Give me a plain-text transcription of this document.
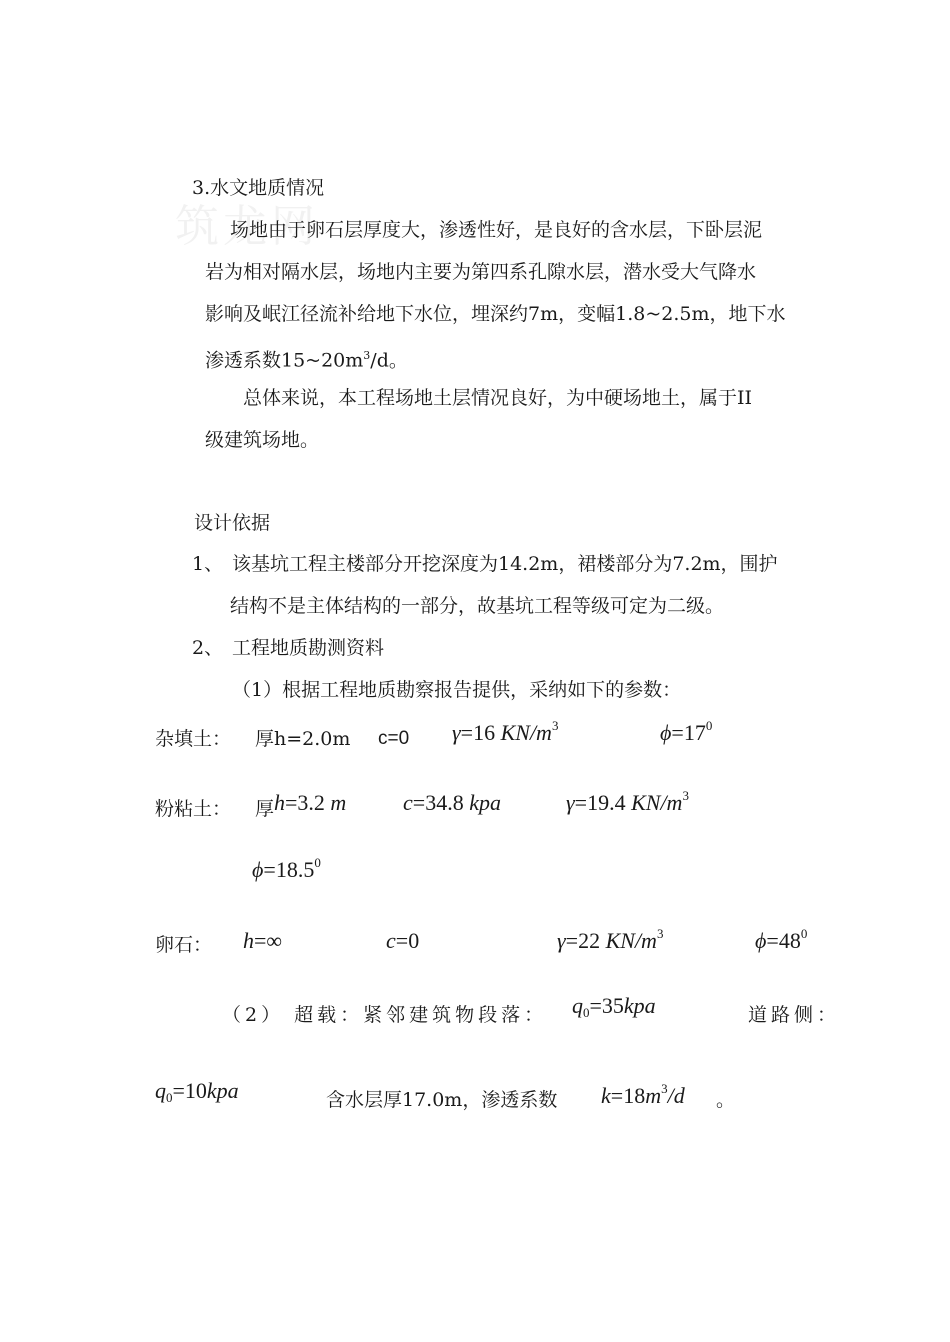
筑龙网
3.水文地质情况
场地由于卵石层厚度大，渗透性好，是良好的含水层，下卧层泥
岩为相对隔水层，场地内主要为第四系孔隙水层，潜水受大气降水
影响及岷江径流补给地下水位，埋深约7m，变幅1.8~2.5m，地下水
渗透系数$15\sim 20m^3/d$。
总体来说，本工程场地土层情况良好，为中硬场地土，属于II
级建筑场地。
设计依据
1、 该基坑工程主楼部分开挖深度为14.2m，裙楼部分为7.2m，围护
结构不是主体结构的一部分，故基坑工程等级可定为二级。
2、 工程地质勘测资料
（1）根据工程地质勘察报告提供，采纳如下的参数：
杂填土： 厚h=2.0m c=0 γ=16 $KN/m^3$	$\phi=17^0$
粉粘土： 厚 h=3.2 m	c=34.8 kpa	γ=19.4 $KN/m^3$
$\phi=18.5^0$
卵石： h=∞	c=0	γ=22 $KN/m^3$	$\phi=48^0$
（2） 超载：紧邻建筑物段落： $q_0=35kpa$	道路侧：
$q_0=10kpa$	含水层厚17.0m，渗透系数 $k=18m^3/d$ 。
